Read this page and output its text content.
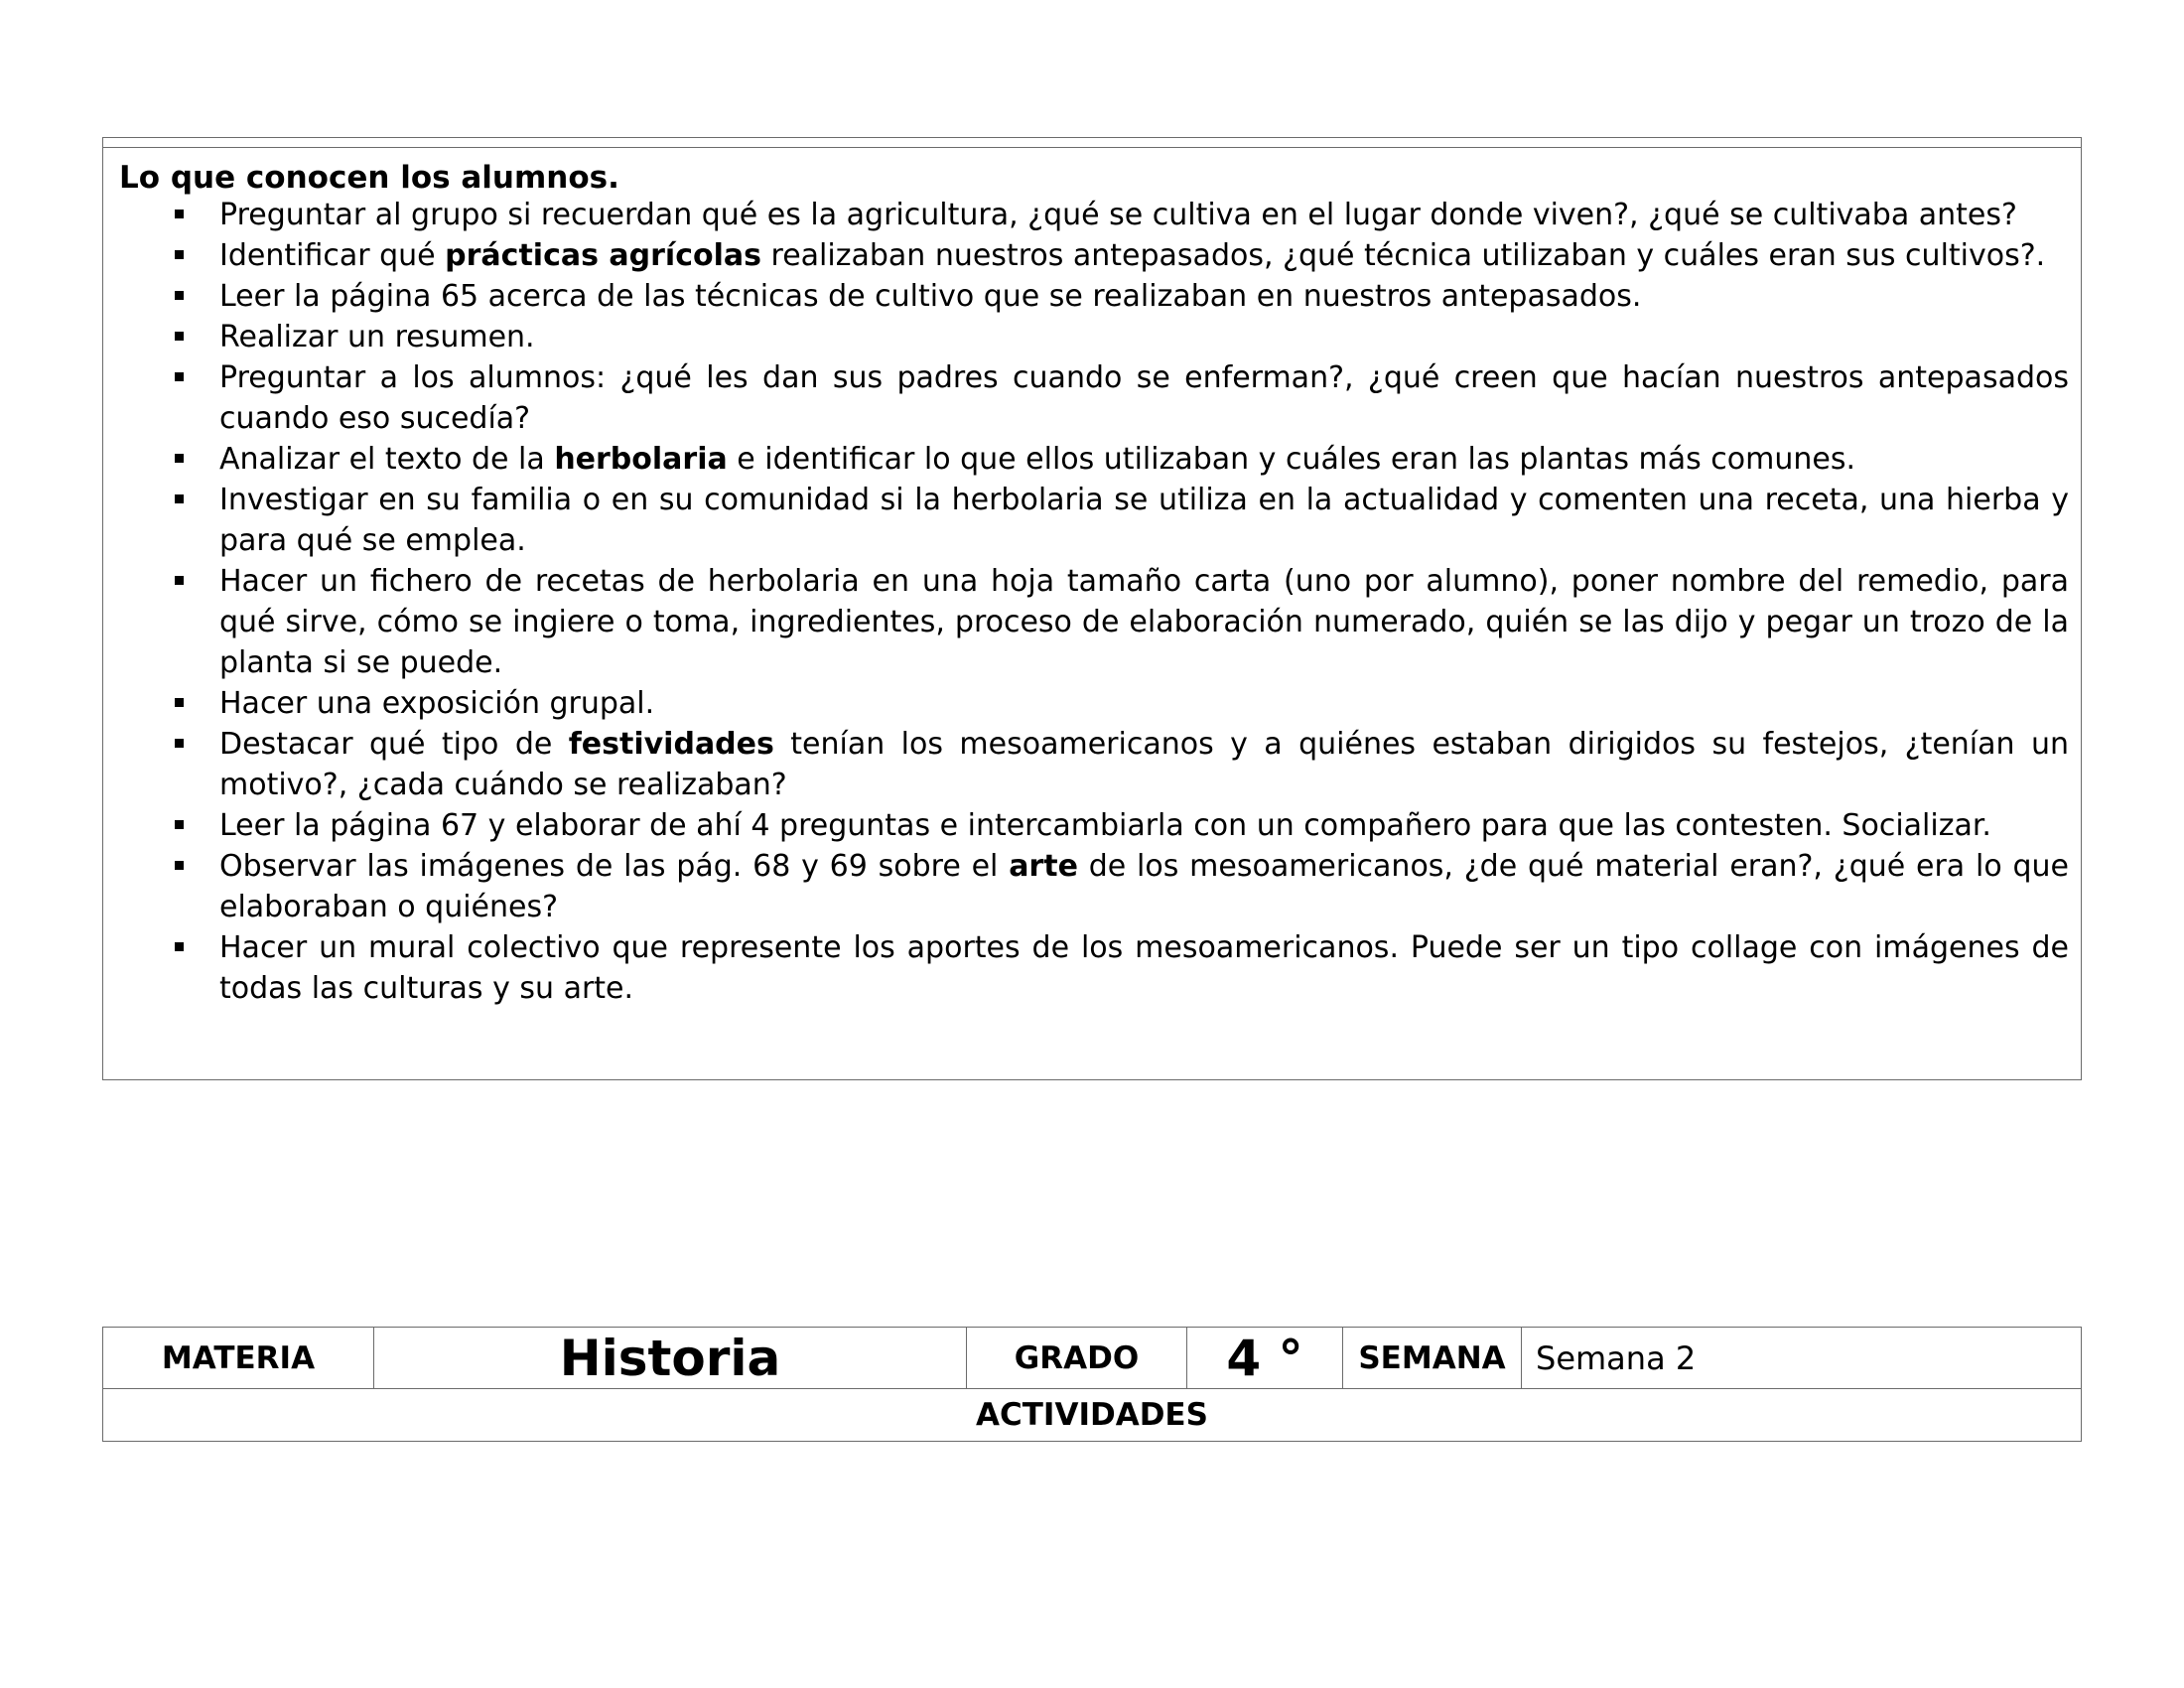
Lo que conocen los alumnos.

Preguntar al grupo si recuerdan qué es la agricultura, ¿qué se cultiva en el lugar donde viven?, ¿qué se cultivaba antes?
Identificar qué prácticas agrícolas realizaban nuestros antepasados, ¿qué técnica utilizaban y cuáles eran sus cultivos?.
Leer la página 65 acerca de las técnicas de cultivo que se realizaban en nuestros antepasados.
Realizar un resumen.
Preguntar a los alumnos: ¿qué les dan sus padres cuando se enferman?, ¿qué creen que hacían nuestros antepasados cuando eso sucedía?
Analizar el texto de la herbolaria e identificar lo que ellos utilizaban y cuáles eran las plantas más comunes.
Investigar en su familia o en su comunidad si la herbolaria se utiliza en la actualidad y comenten una receta, una hierba y para qué se emplea.
Hacer un fichero de recetas de herbolaria en una hoja tamaño carta (uno por alumno), poner nombre del remedio, para qué sirve, cómo se ingiere o toma, ingredientes, proceso de elaboración numerado, quién se las dijo y pegar un trozo de la planta si se puede.
Hacer una exposición grupal.
Destacar qué tipo de festividades tenían los mesoamericanos y a quiénes estaban dirigidos su festejos, ¿tenían un motivo?, ¿cada cuándo se realizaban?
Leer la página 67 y elaborar de ahí 4 preguntas e intercambiarla con un compañero para que las contesten. Socializar.
Observar las imágenes de las pág. 68 y 69 sobre el arte de los mesoamericanos, ¿de qué material eran?, ¿qué era lo que elaboraban o quiénes?
Hacer un mural colectivo que represente los aportes de los mesoamericanos. Puede ser un tipo collage con imágenes de todas las culturas y su arte.
MATERIA	Historia	GRADO	4 °	SEMANA	Semana 2
ACTIVIDADES
